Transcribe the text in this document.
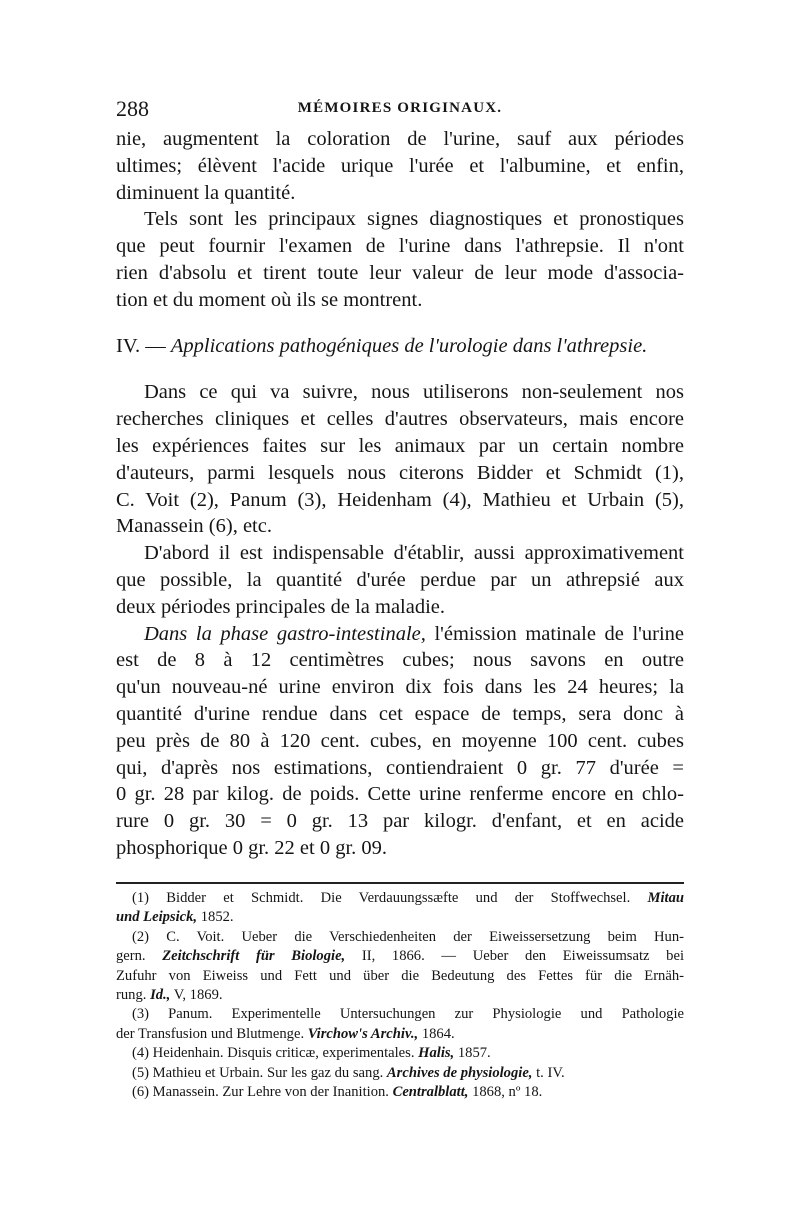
288	MÉMOIRES ORIGINAUX.

nie, augmentent la coloration de l'urine, sauf aux périodes

ultimes; élèvent l'acide urique l'urée et l'albumine, et enfin,

diminuent la quantité.

Tels sont les principaux signes diagnostiques et pronostiques

que peut fournir l'examen de l'urine dans l'athrepsie. Il n'ont

rien d'absolu et tirent toute leur valeur de leur mode d'associa-

tion et du moment où ils se montrent.

IV. — Applications pathogéniques de l'urologie dans l'athrepsie.

Dans ce qui va suivre, nous utiliserons non-seulement nos

recherches cliniques et celles d'autres observateurs, mais encore

les expériences faites sur les animaux par un certain nombre

d'auteurs, parmi lesquels nous citerons Bidder et Schmidt (1),

C. Voit (2), Panum (3), Heidenham (4), Mathieu et Urbain (5),

Manassein (6), etc.

D'abord il est indispensable d'établir, aussi approximativement

que possible, la quantité d'urée perdue par un athrepsié aux

deux périodes principales de la maladie.

Dans la phase gastro-intestinale, l'émission matinale de l'urine

est de 8 à 12 centimètres cubes; nous savons en outre

qu'un nouveau-né urine environ dix fois dans les 24 heures; la

quantité d'urine rendue dans cet espace de temps, sera donc à

peu près de 80 à 120 cent. cubes, en moyenne 100 cent. cubes

qui, d'après nos estimations, contiendraient 0 gr. 77 d'urée =

0 gr. 28 par kilog. de poids. Cette urine renferme encore en chlo-

rure 0 gr. 30 = 0 gr. 13 par kilogr. d'enfant, et en acide

phosphorique 0 gr. 22 et 0 gr. 09.

(1) Bidder et Schmidt. Die Verdauungssæfte und der Stoffwechsel. Mitau

und Leipsick, 1852.

(2) C. Voit. Ueber die Verschiedenheiten der Eiweissersetzung beim Hun-

gern. Zeitchschrift für Biologie, II, 1866. — Ueber den Eiweissumsatz bei

Zufuhr von Eiweiss und Fett und über die Bedeutung des Fettes für die Ernäh-

rung. Id., V, 1869.

(3) Panum. Experimentelle Untersuchungen zur Physiologie und Pathologie

der Transfusion und Blutmenge. Virchow's Archiv., 1864.

(4) Heidenhain. Disquis criticæ, experimentales. Halis, 1857.

(5) Mathieu et Urbain. Sur les gaz du sang. Archives de physiologie, t. IV.

(6) Manassein. Zur Lehre von der Inanition. Centralblatt, 1868, nº 18.
